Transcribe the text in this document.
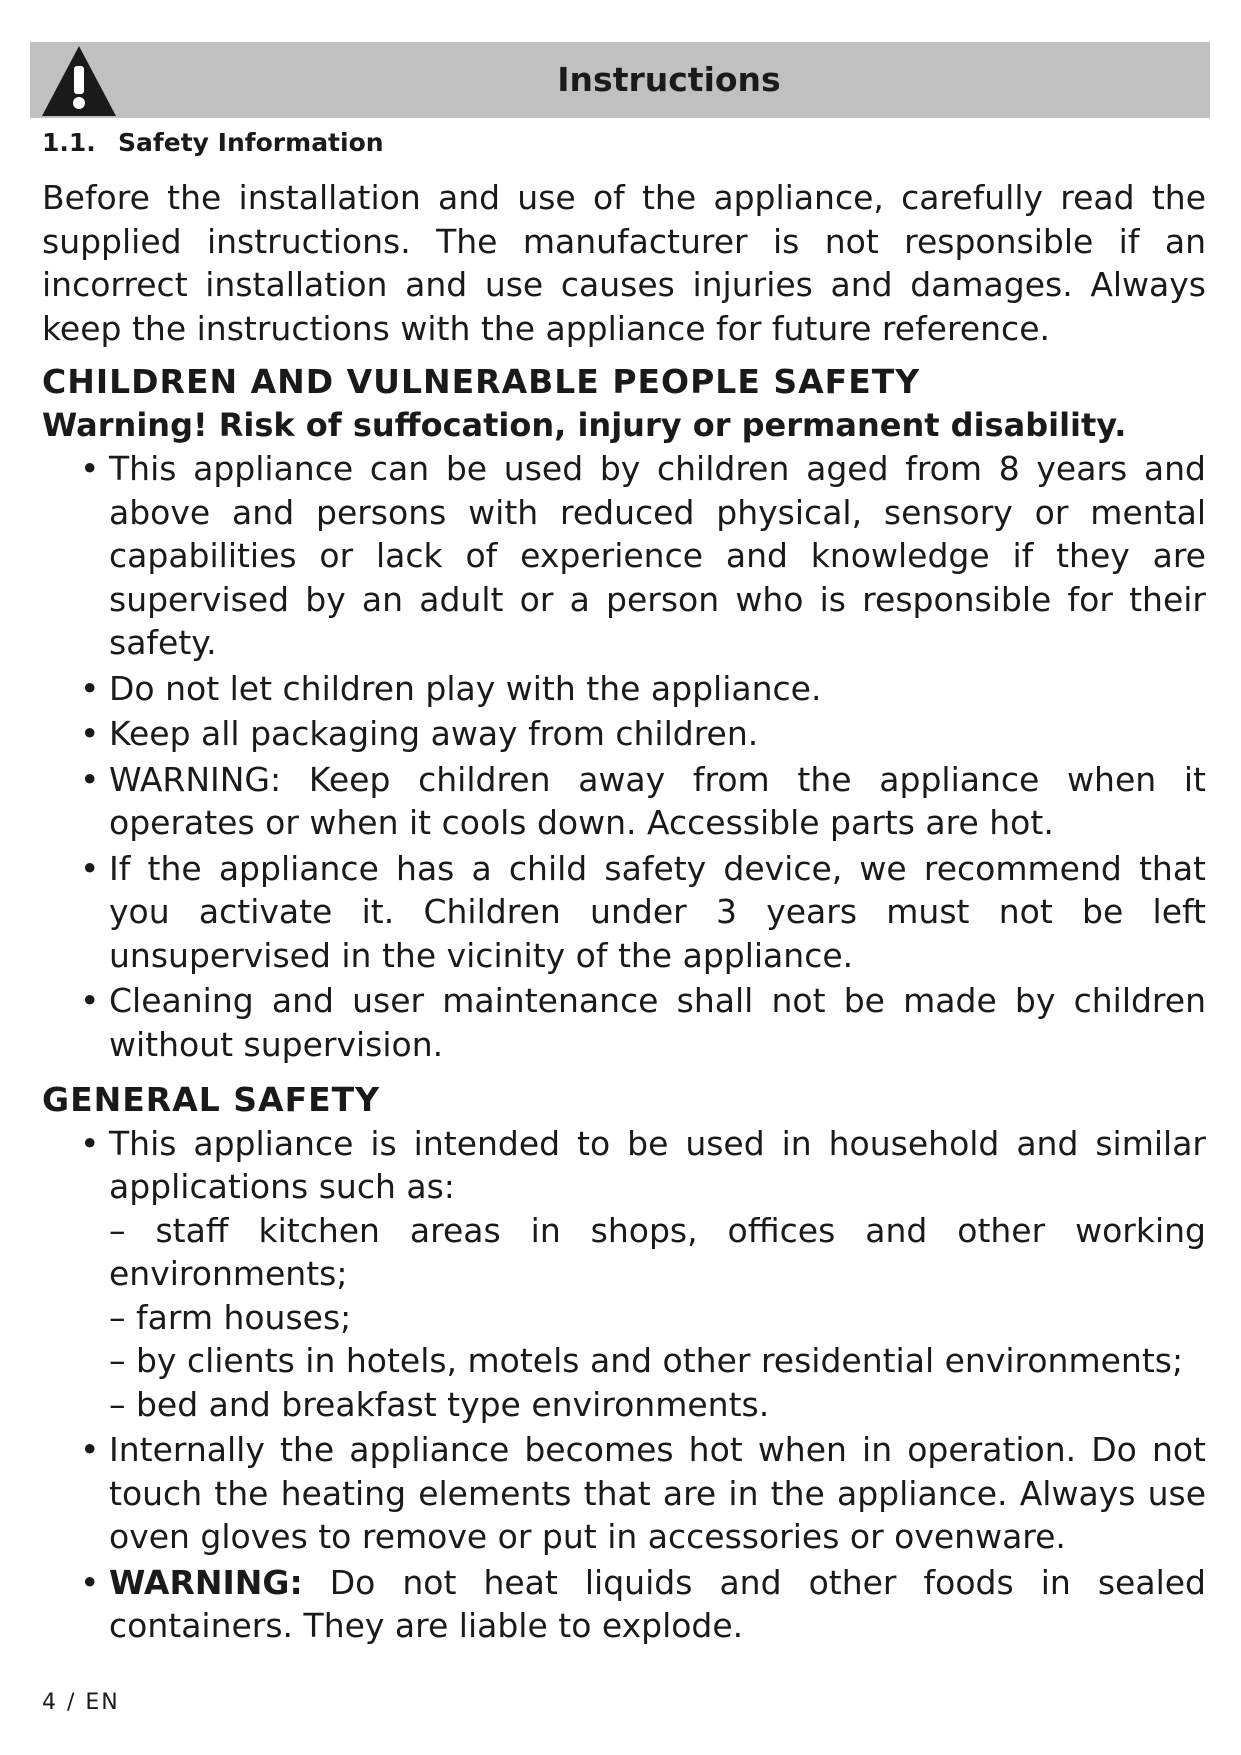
Instructions
1.1. Safety Information

Before the installation and use of the appliance, carefully read the supplied instructions. The manufacturer is not responsible if an incorrect installation and use causes injuries and damages. Always keep the instructions with the appliance for future reference.

CHILDREN AND VULNERABLE PEOPLE SAFETY

Warning! Risk of suffocation, injury or permanent disability.

• This appliance can be used by children aged from 8 years and above and persons with reduced physical, sensory or mental capabilities or lack of experience and knowledge if they are supervised by an adult or a person who is responsible for their safety.
• Do not let children play with the appliance.
• Keep all packaging away from children.
• WARNING: Keep children away from the appliance when it operates or when it cools down. Accessible parts are hot.
• If the appliance has a child safety device, we recommend that you activate it. Children under 3 years must not be left unsupervised in the vicinity of the appliance.
• Cleaning and user maintenance shall not be made by children without supervision.

GENERAL SAFETY

• This appliance is intended to be used in household and similar applications such as:
– staff kitchen areas in shops, offices and other working environments;
– farm houses;
– by clients in hotels, motels and other residential environments;
– bed and breakfast type environments.
• Internally the appliance becomes hot when in operation. Do not touch the heating elements that are in the appliance. Always use oven gloves to remove or put in accessories or ovenware.
• WARNING: Do not heat liquids and other foods in sealed containers. They are liable to explode.
4 / EN
